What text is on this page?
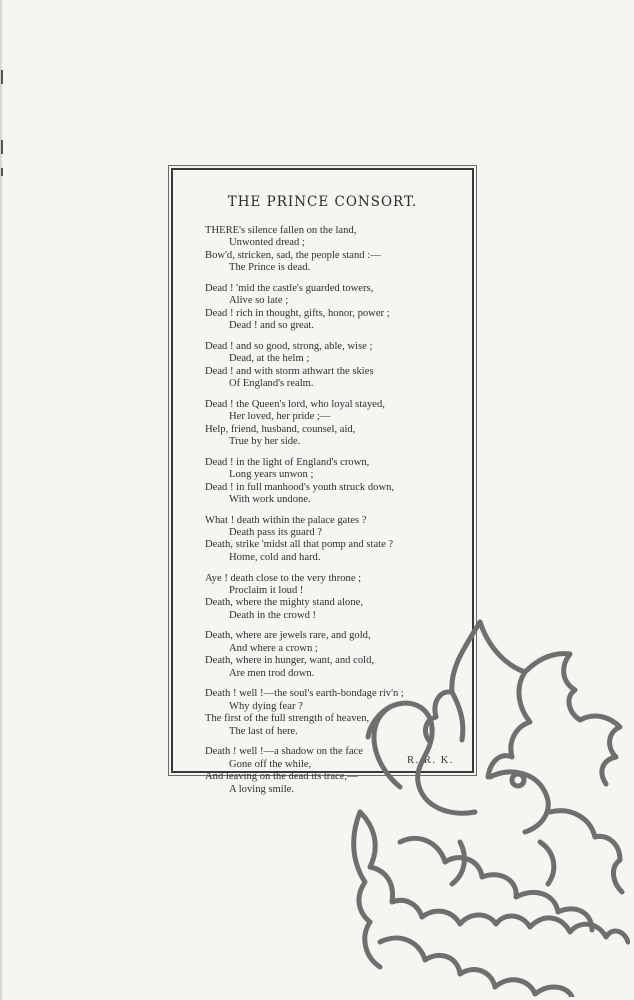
THE PRINCE CONSORT.
THERE's silence fallen on the land,
Unwonted dread ;
Bow'd, stricken, sad, the people stand :—
The Prince is dead.
Dead ! 'mid the castle's guarded towers,
Alive so late ;
Dead ! rich in thought, gifts, honor, power ;
Dead ! and so great.
Dead ! and so good, strong, able, wise ;
Dead, at the helm ;
Dead ! and with storm athwart the skies
Of England's realm.
Dead ! the Queen's lord, who loyal stayed,
Her loved, her pride ;—
Help, friend, husband, counsel, aid,
True by her side.
Dead ! in the light of England's crown,
Long years unwon ;
Dead ! in full manhood's youth struck down,
With work undone.
What ! death within the palace gates ?
Death pass its guard ?
Death, strike 'midst all that pomp and state ?
Home, cold and hard.
Aye ! death close to the very throne ;
Proclaim it loud !
Death, where the mighty stand alone,
Death in the crowd !
Death, where are jewels rare, and gold,
And where a crown ;
Death, where in hunger, want, and cold,
Are men trod down.
Death ! well !—the soul's earth-bondage riv'n ;
Why dying fear ?
The first of the full strength of heaven,
The last of here.
Death ! well !—a shadow on the face
Gone off the while,
And leaving on the dead its trace,—
A loving smile.
R. R. K.
